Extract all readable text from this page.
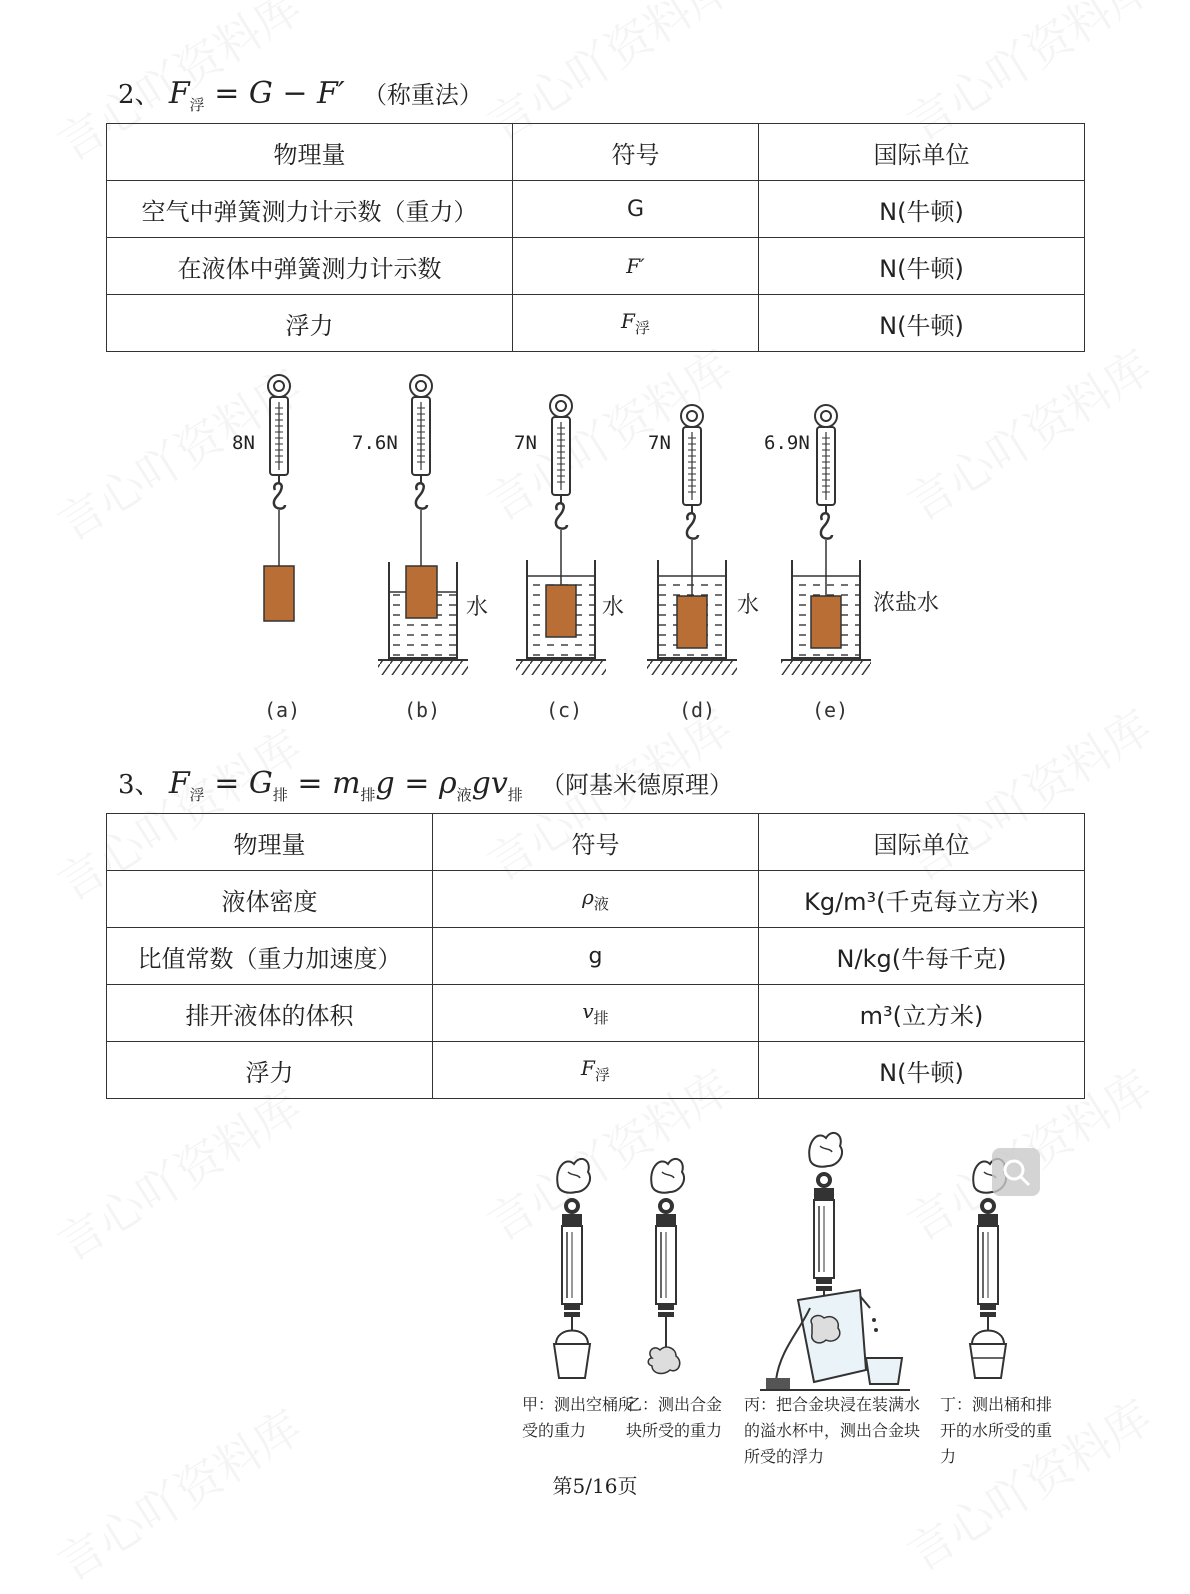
2、 $F_浮 = G - F'$ （称重法）
物理量	符号	国际单位
空气中弹簧测力计示数（重力）	G	N(牛顿)
在液体中弹簧测力计示数	F′	N(牛顿)
浮力	$F_浮$	N(牛顿)
8N	7.6N	7N	7N	6.9N
水	水	水	浓盐水
(a)	(b)	(c)	(d)	(e)
3、 $F_浮 = G_排 = m_排g = \rho_液gv_排$ （阿基米德原理）
物理量	符号	国际单位
液体密度	$\rho_液$	Kg/m³(千克每立方米)
比值常数（重力加速度）	g	N/kg(牛每千克)
排开液体的体积	$v_排$	m³(立方米)
浮力	$F_浮$	N(牛顿)
甲：测出空桶所受的重力
乙：测出合金块所受的重力
丙：把合金块浸在装满水的溢水杯中，测出合金块所受的浮力
丁：测出桶和排开的水所受的重力
第5/16页
